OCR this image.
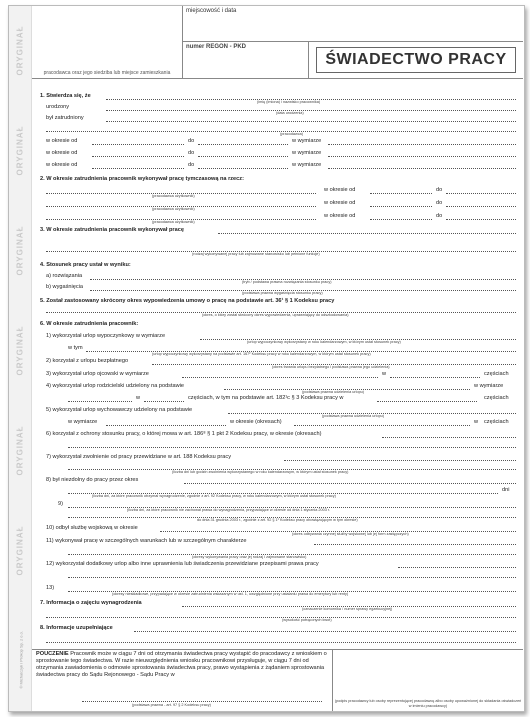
ORYGINAŁ
ORYGINAŁ
ORYGINAŁ
ORYGINAŁ
ORYGINAŁ
ORYGINAŁ
© Michalczyk i Prokop Sp. z o.o.
pracodawca oraz jego siedziba lub miejsce zamieszkania
miejscowość i data
numer REGON - PKD
ŚWIADECTWO PRACY
1. Stwierdza się, że
(imię (imiona) i nazwisko pracownika)
urodzony
(data urodzenia)
był zatrudniony
(pracodawca)
w okresie od	do	w wymiarze
w okresie od	do	w wymiarze
w okresie od	do	w wymiarze
2. W okresie zatrudnienia pracownik wykonywał pracę tymczasową na rzecz:
(pracodawca użytkownik)
w okresie od	do
(pracodawca użytkownik)
w okresie od	do
(pracodawca użytkownik)
w okresie od	do
3. W okresie zatrudnienia pracownik wykonywał pracę
(rodzaj wykonywanej pracy lub zajmowane stanowisko lub pełnione funkcje)
4. Stosunek pracy ustał w wyniku:
a) rozwiązania
(tryb / podstawa prawna rozwiązania stosunku pracy)
b) wygaśnięcia
(podstawa prawna wygaśnięcia stosunku pracy)
5. Został zastosowany skrócony okres wypowiedzenia umowy o pracę na podstawie art. 36¹ § 1 Kodeksu pracy
(okres, o który został skrócony okres wypowiedzenia, uprawniający do odszkodowania)
6. W okresie zatrudnienia pracownik:
1) wykorzystał urlop wypoczynkowy w wymiarze
(urlop wypoczynkowy wykorzystany w roku kalendarzowym, w którym ustał stosunek pracy)
w tym
(urlop wypoczynkowy wykorzystany na podstawie art. 167² Kodeksu pracy w roku kalendarzowym, w którym ustał stosunek pracy)
2) korzystał z urlopu bezpłatnego
(okres trwania urlopu bezpłatnego i podstawa prawna jego udzielenia)
3) wykorzystał urlop ojcowski w wymiarze	w	częściach
4) wykorzystał urlop rodzicielski udzielony na podstawie	w wymiarze
(podstawa prawna udzielenia urlopu)
w	częściach, w tym na podstawie art. 182¹c § 3 Kodeksu pracy w	częściach
5) wykorzystał urlop wychowawczy udzielony na podstawie
(podstawa prawna udzielenia urlopu)
w wymiarze	w okresie (okresach)	w częściach
6) korzystał z ochrony stosunku pracy, o której mowa w art. 186⁸ § 1 pkt 2 Kodeksu pracy, w okresie (okresach)
7) wykorzystał zwolnienie od pracy przewidziane w art. 188 Kodeksu pracy
(liczba dni lub godzin zwolnienia wykorzystanego w roku kalendarzowym, w którym ustał stosunek pracy)
8) był niezdolny do pracy przez okres
dni
(liczba dni, za które pracownik otrzymał wynagrodzenie, zgodnie z art. 92 Kodeksu pracy, w roku kalendarzowym, w którym ustał stosunek pracy)
9)
(liczba dni, za które pracownik nie zachował prawa do wynagrodzenia, przypadające w okresie od dnia 1 stycznia 2003 r.
do dnia 31 grudnia 2003 r., zgodnie z art. 92 § 1¹ Kodeksu pracy obowiązującym w tym okresie)
10) odbył służbę wojskową w okresie
(okres odbywania czynnej służby wojskowej lub jej form zastępczych)
11) wykonywał pracę w szczególnych warunkach lub w szczególnym charakterze
(okresy wykonywania pracy oraz jej rodzaj i zajmowane stanowisko)
12) wykorzystał dodatkowy urlop albo inne uprawnienia lub świadczenia przewidziane przepisami prawa pracy
13)
(okresy nieskładkowe, przypadające w okresie zatrudnienia wskazanym w ust. 1, uwzględnione przy ustalaniu prawa do emerytury lub renty)
7. Informacja o zajęciu wynagrodzenia
(oznaczenie komornika / numer sprawy egzekucyjnej)
(wysokość potrąconych kwot)
8. Informacje uzupełniające
POUCZENIE Pracownik może w ciągu 7 dni od otrzymania świadectwa pracy wystąpić do pracodawcy z wnioskiem o sprostowanie tego świadectwa. W razie nieuwzględnienia wniosku pracownikowi przysługuje, w ciągu 7 dni od otrzymania zawiadomienia o odmowie sprostowania świadectwa pracy, prawo wystąpienia z żądaniem sprostowania świadectwa pracy do Sądu Rejonowego - Sądu Pracy w
(podstawa prawna - art. 97 § 2 Kodeksu pracy)
(podpis pracodawcy lub osoby reprezentującej pracodawcę albo osoby upoważnionej do składania oświadczeń w imieniu pracodawcy)
